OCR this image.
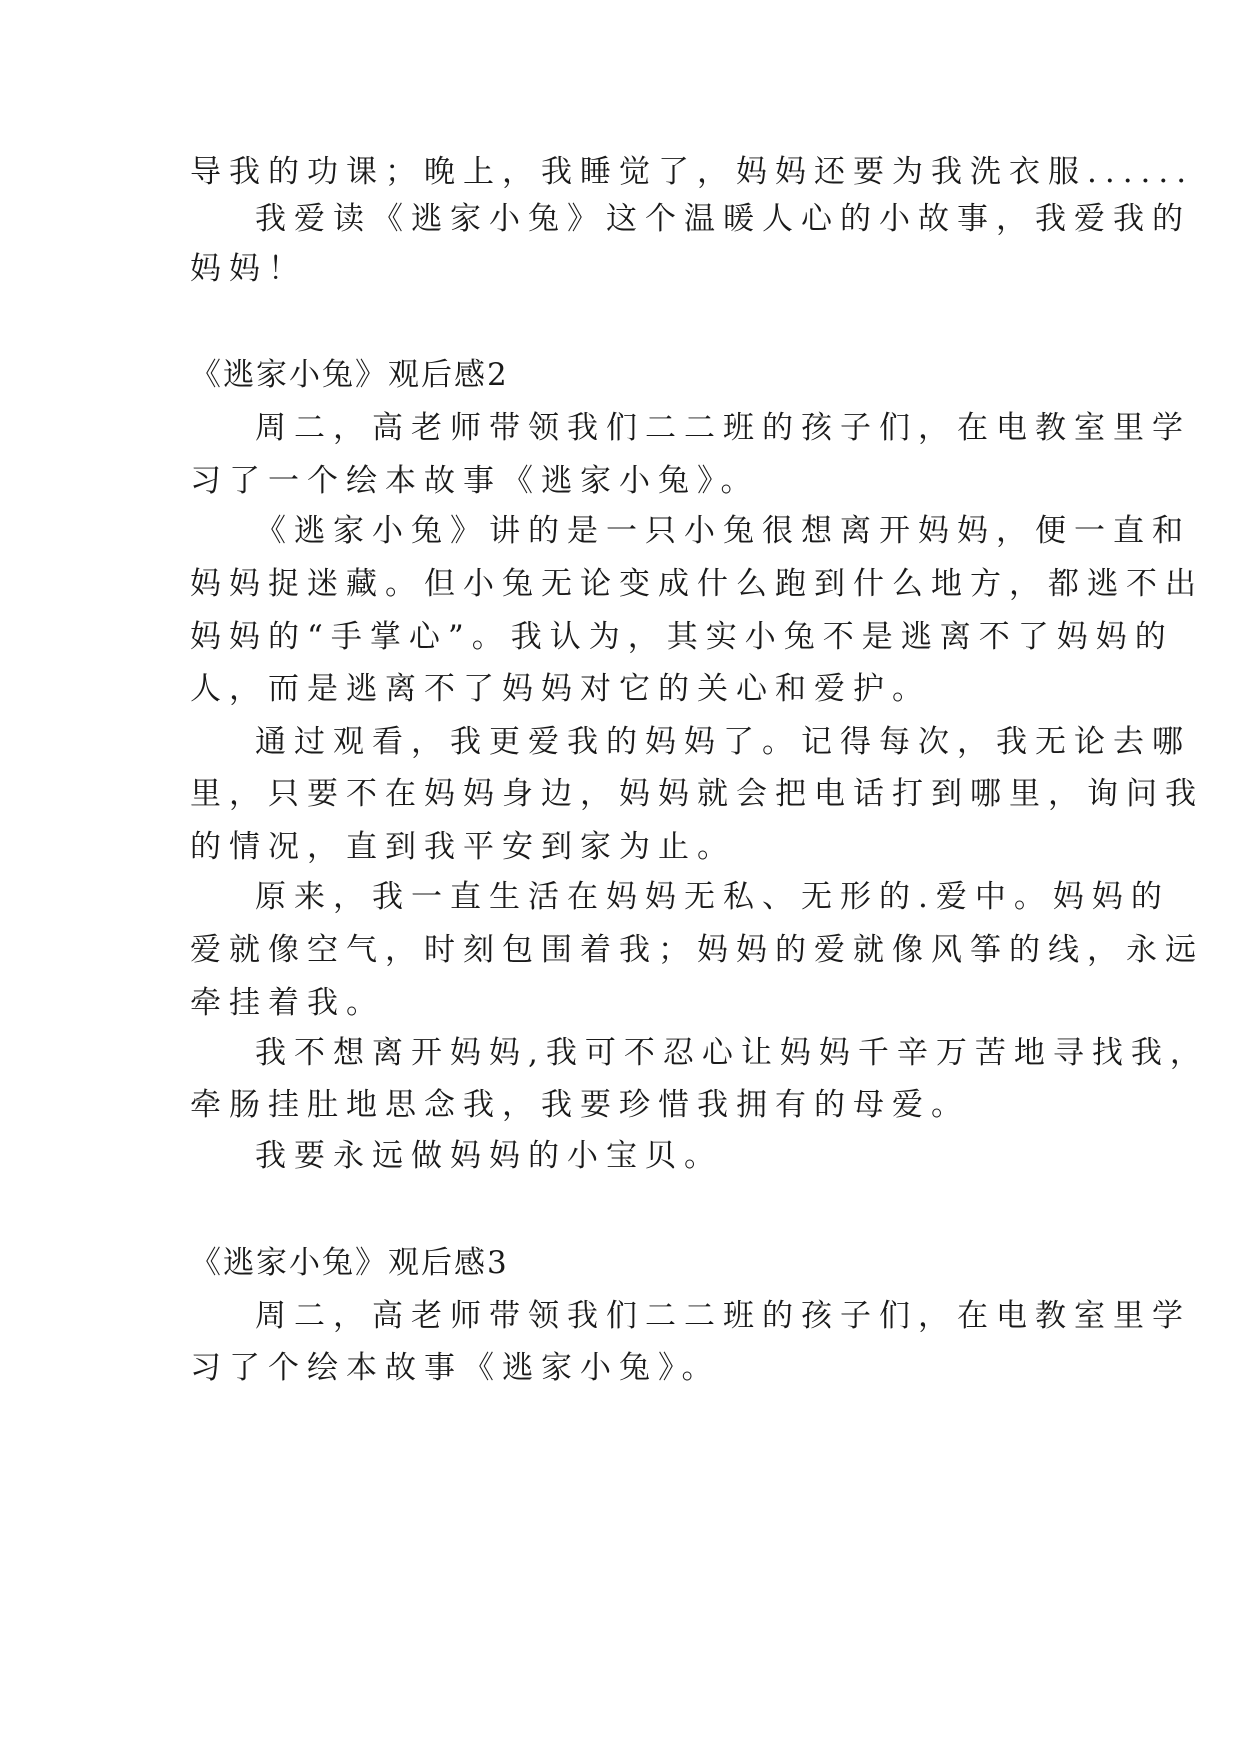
导我的功课；晚上，我睡觉了，妈妈还要为我洗衣服......
我爱读《逃家小兔》这个温暖人心的小故事，我爱我的
妈妈！
《逃家小兔》观后感2
周二，高老师带领我们二二班的孩子们，在电教室里学
习了一个绘本故事《逃家小兔》。
《逃家小兔》讲的是一只小兔很想离开妈妈，便一直和
妈妈捉迷藏。但小兔无论变成什么跑到什么地方，都逃不出
妈妈的“手掌心”。我认为，其实小兔不是逃离不了妈妈的
人，而是逃离不了妈妈对它的关心和爱护。
通过观看，我更爱我的妈妈了。记得每次，我无论去哪
里，只要不在妈妈身边，妈妈就会把电话打到哪里，询问我
的情况，直到我平安到家为止。
原来，我一直生活在妈妈无私、无形的.爱中。妈妈的
爱就像空气，时刻包围着我；妈妈的爱就像风筝的线，永远
牵挂着我。
我不想离开妈妈,我可不忍心让妈妈千辛万苦地寻找我，
牵肠挂肚地思念我，我要珍惜我拥有的母爱。
我要永远做妈妈的小宝贝。
《逃家小兔》观后感3
周二，高老师带领我们二二班的孩子们，在电教室里学
习了个绘本故事《逃家小兔》。
